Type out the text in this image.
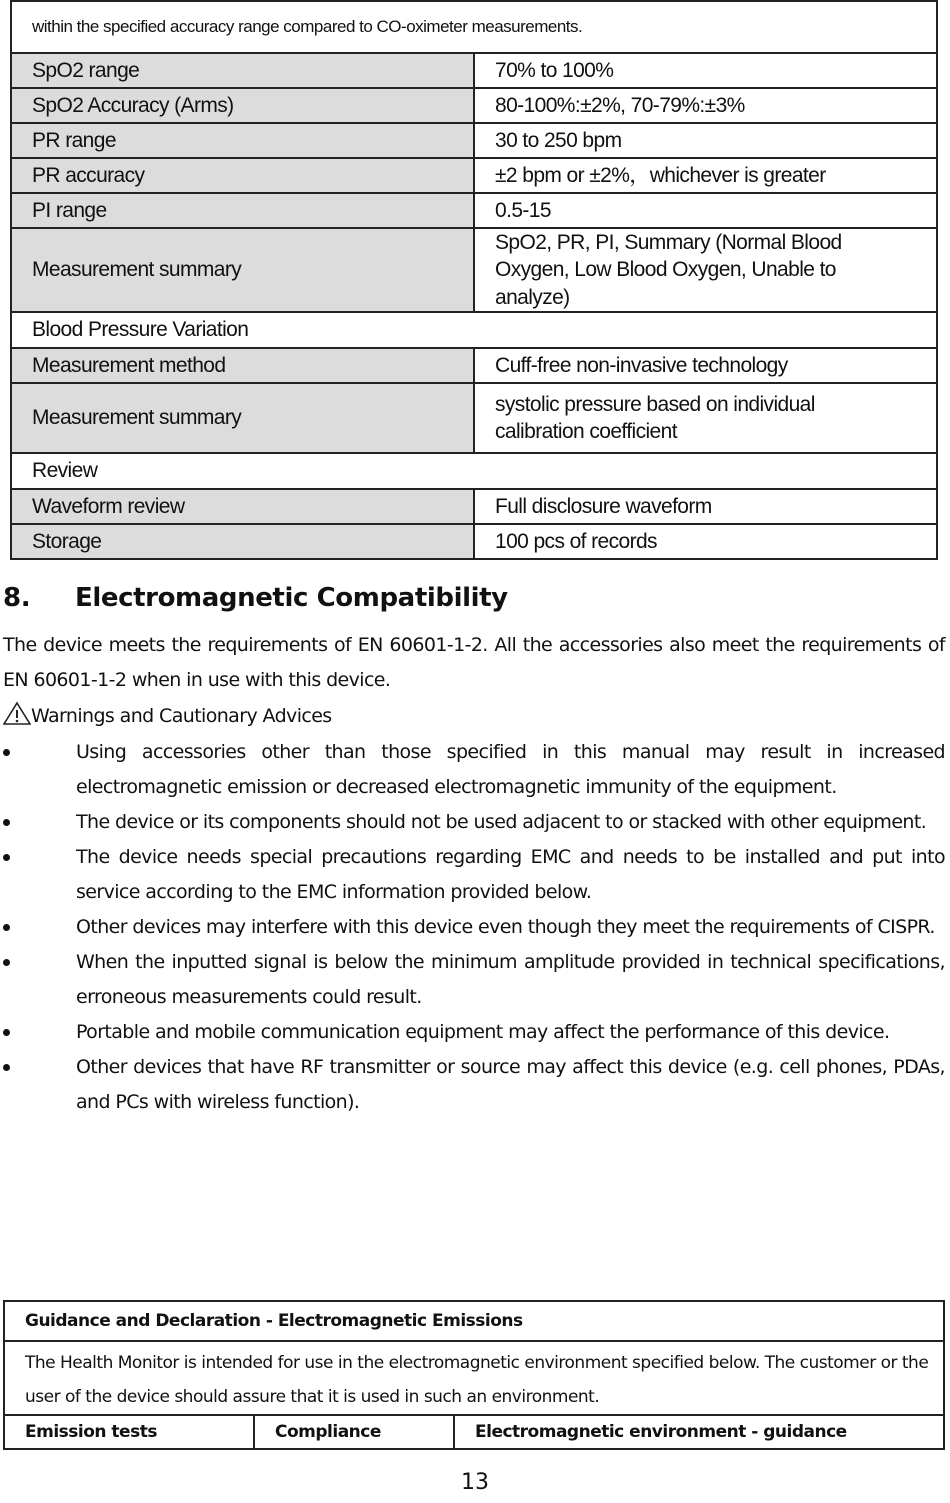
within the specified accuracy range compared to CO-oximeter measurements.	
SpO2 range	70% to 100%
SpO2 Accuracy (Arms)	80-100%:±2%, 70-79%:±3%
PR range	30 to 250 bpm
PR accuracy	±2 bpm or ±2%，whichever is greater
PI range	0.5-15
Measurement summary	SpO2, PR, PI, Summary (Normal Blood Oxygen, Low Blood Oxygen, Unable to analyze)
Blood Pressure Variation	
Measurement method	Cuff-free non-invasive technology
Measurement summary	systolic pressure based on individual calibration coefficient
Review	
Waveform review	Full disclosure waveform
Storage	100 pcs of records
8. Electromagnetic Compatibility
The device meets the requirements of EN 60601-1-2. All the accessories also meet the requirements of EN 60601-1-2 when in use with this device.
Warnings and Cautionary Advices
Using accessories other than those specified in this manual may result in increased electromagnetic emission or decreased electromagnetic immunity of the equipment.
The device or its components should not be used adjacent to or stacked with other equipment.
The device needs special precautions regarding EMC and needs to be installed and put into service according to the EMC information provided below.
Other devices may interfere with this device even though they meet the requirements of CISPR.
When the inputted signal is below the minimum amplitude provided in technical specifications, erroneous measurements could result.
Portable and mobile communication equipment may affect the performance of this device.
Other devices that have RF transmitter or source may affect this device (e.g. cell phones, PDAs, and PCs with wireless function).
Guidance and Declaration - Electromagnetic Emissions
The Health Monitor is intended for use in the electromagnetic environment specified below. The customer or the user of the device should assure that it is used in such an environment.
Emission tests	Compliance	Electromagnetic environment - guidance
13
